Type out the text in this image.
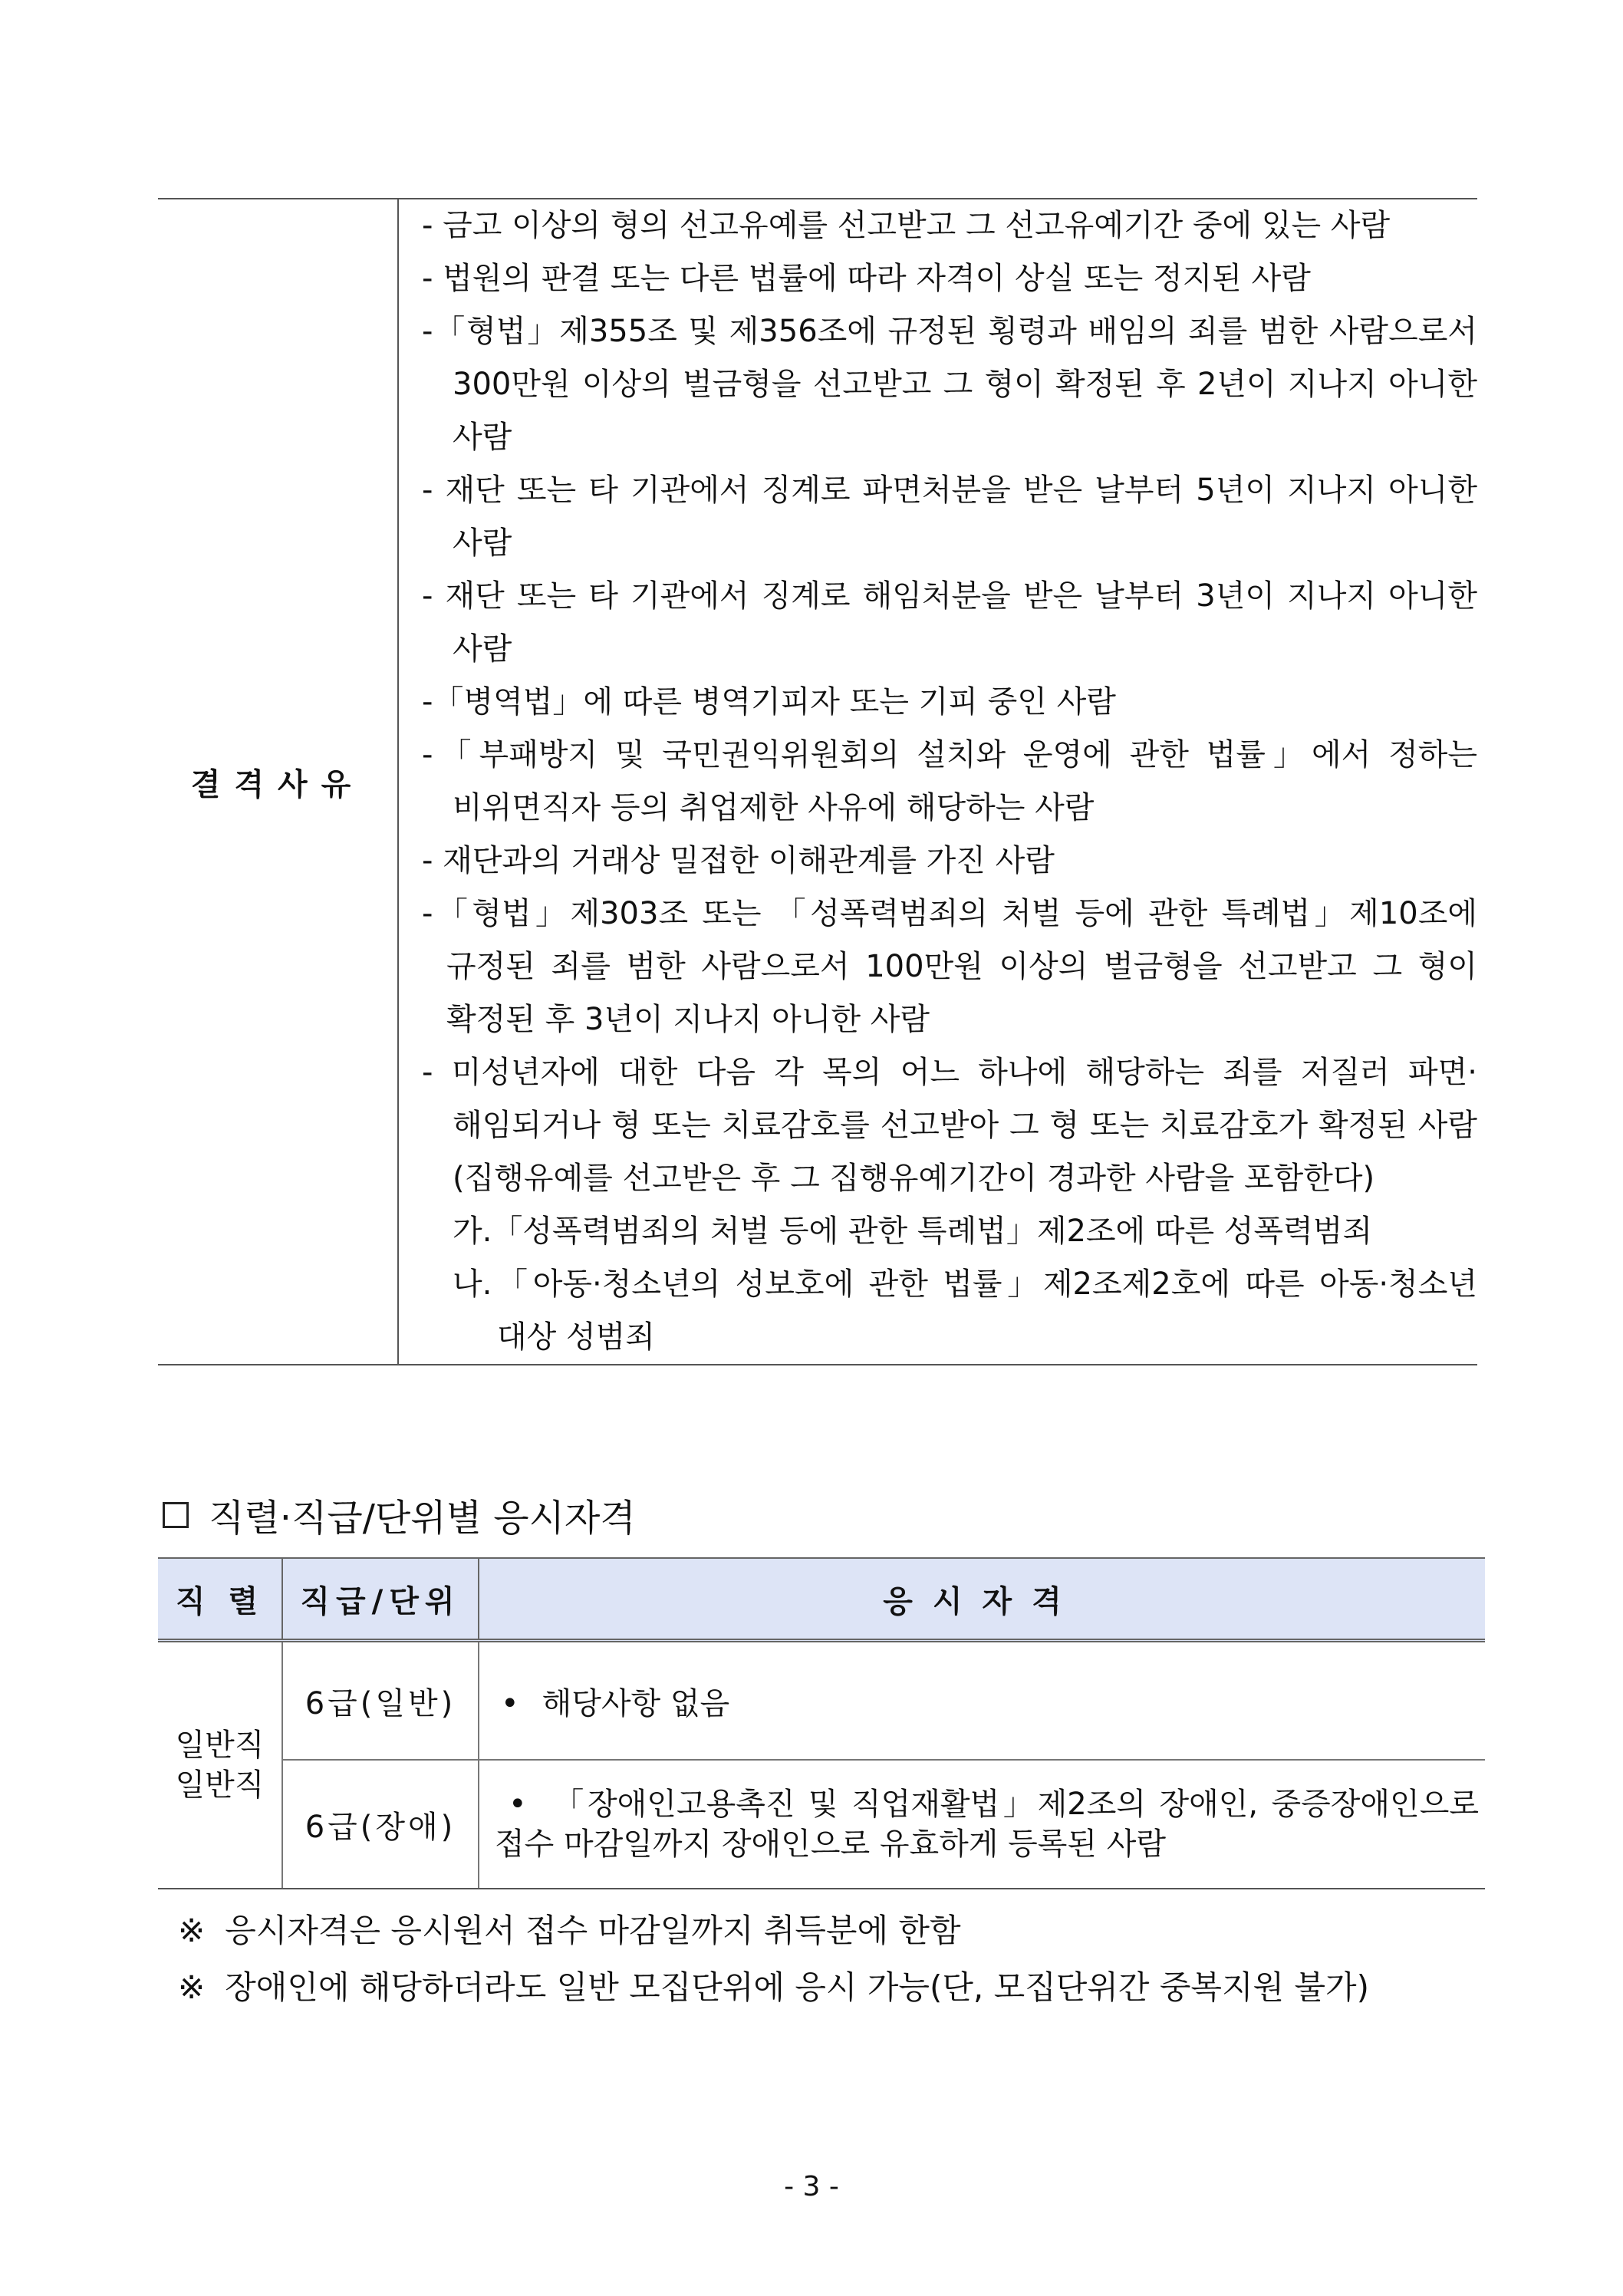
결격사유	

- 금고 이상의 형의 선고유예를 선고받고 그 선고유예기간 중에 있는 사람

- 법원의 판결 또는 다른 법률에 따라 자격이 상실 또는 정지된 사람

-「형법」제355조 및 제356조에 규정된 횡령과 배임의 죄를 범한 사람으로서 300만원 이상의 벌금형을 선고받고 그 형이 확정된 후 2년이 지나지 아니한 사람

- 재단 또는 타 기관에서 징계로 파면처분을 받은 날부터 5년이 지나지 아니한 사람

- 재단 또는 타 기관에서 징계로 해임처분을 받은 날부터 3년이 지나지 아니한 사람

-「병역법」에 따른 병역기피자 또는 기피 중인 사람

-「부패방지 및 국민권익위원회의 설치와 운영에 관한 법률」에서 정하는 비위면직자 등의 취업제한 사유에 해당하는 사람

- 재단과의 거래상 밀접한 이해관계를 가진 사람

-「형법」제303조 또는 「성폭력범죄의 처벌 등에 관한 특례법」제10조에 규정된 죄를 범한 사람으로서 100만원 이상의 벌금형을 선고받고 그 형이 확정된 후 3년이 지나지 아니한 사람

- 미성년자에 대한 다음 각 목의 어느 하나에 해당하는 죄를 저질러 파면·해임되거나 형 또는 치료감호를 선고받아 그 형 또는 치료감호가 확정된 사람(집행유예를 선고받은 후 그 집행유예기간이 경과한 사람을 포함한다)

가.「성폭력범죄의 처벌 등에 관한 특례법」제2조에 따른 성폭력범죄

나.「아동·청소년의 성보호에 관한 법률」제2조제2호에 따른 아동·청소년 대상 성범죄

직렬·직급/단위별 응시자격
직 렬	직급/단위	응시자격

일반직
일반직	6급(일반)	• 해당사항 없음
	6급(장애)	• 「장애인고용촉진 및 직업재활법」제2조의 장애인, 중증장애인으로 접수 마감일까지 장애인으로 유효하게 등록된 사람

※ 응시자격은 응시원서 접수 마감일까지 취득분에 한함

※ 장애인에 해당하더라도 일반 모집단위에 응시 가능(단, 모집단위간 중복지원 불가)

- 3 -
